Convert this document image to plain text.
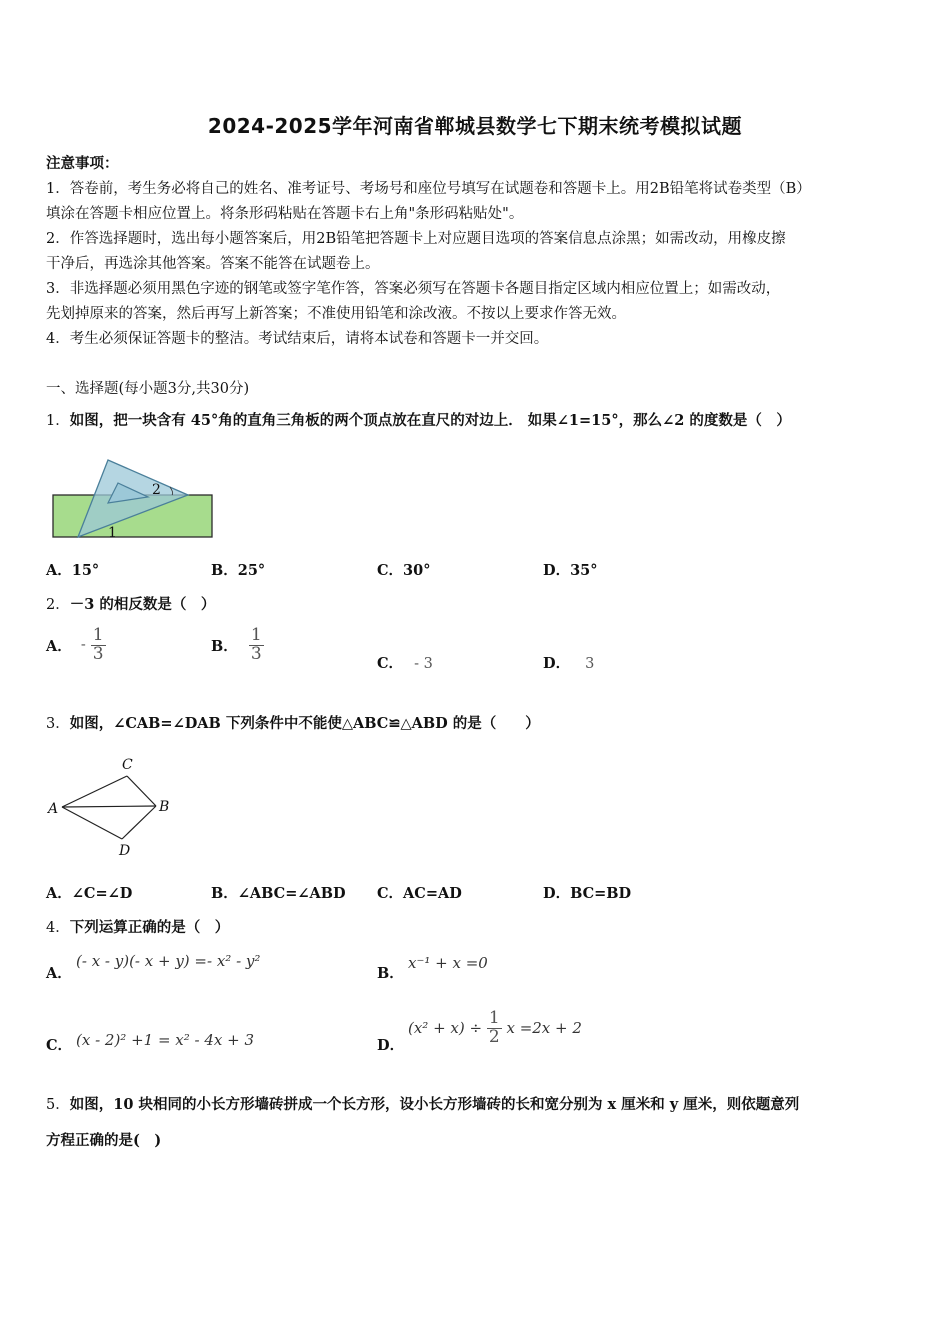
2024-2025学年河南省郸城县数学七下期末统考模拟试题
注意事项：
1．答卷前，考生务必将自己的姓名、准考证号、考场号和座位号填写在试题卷和答题卡上。用2B铅笔将试卷类型（B）
填涂在答题卡相应位置上。将条形码粘贴在答题卡右上角"条形码粘贴处"。
2．作答选择题时，选出每小题答案后，用2B铅笔把答题卡上对应题目选项的答案信息点涂黑；如需改动，用橡皮擦
干净后，再选涂其他答案。答案不能答在试题卷上。
3．非选择题必须用黑色字迹的钢笔或签字笔作答，答案必须写在答题卡各题目指定区域内相应位置上；如需改动，
先划掉原来的答案，然后再写上新答案；不准使用铅笔和涂改液。不按以上要求作答无效。
4．考生必须保证答题卡的整洁。考试结束后，请将本试卷和答题卡一并交回。
一、选择题(每小题3分,共30分)
1．如图，把一块含有 45°角的直角三角板的两个顶点放在直尺的对边上． 如果∠1=15°，那么∠2 的度数是（　）
2
1
A．15°	B．25°	C．30°	D．35°
2．－3 的相反数是（　）
A． - $\frac{1}{3}$	B． $\frac{1}{3}$	C． - 3	D． 3
3．如图，∠CAB=∠DAB 下列条件中不能使△ABC≌△ABD 的是（　　）
C
A	B
D
A．∠C=∠D	B．∠ABC=∠ABD C．AC=AD	D．BC=BD
4．下列运算正确的是（　）
A．
(- x - y)(- x + y) =- x² - y²
B．
x⁻¹ + x =0
C． (x - 2)² +1 = x² - 4x + 3	D．
$(x^2 + x) \div \frac{1}{2}$ x =2x + 2
5．如图，10 块相同的小长方形墙砖拼成一个长方形，设小长方形墙砖的长和宽分别为 x 厘米和 y 厘米，则依题意列
方程正确的是(　)
